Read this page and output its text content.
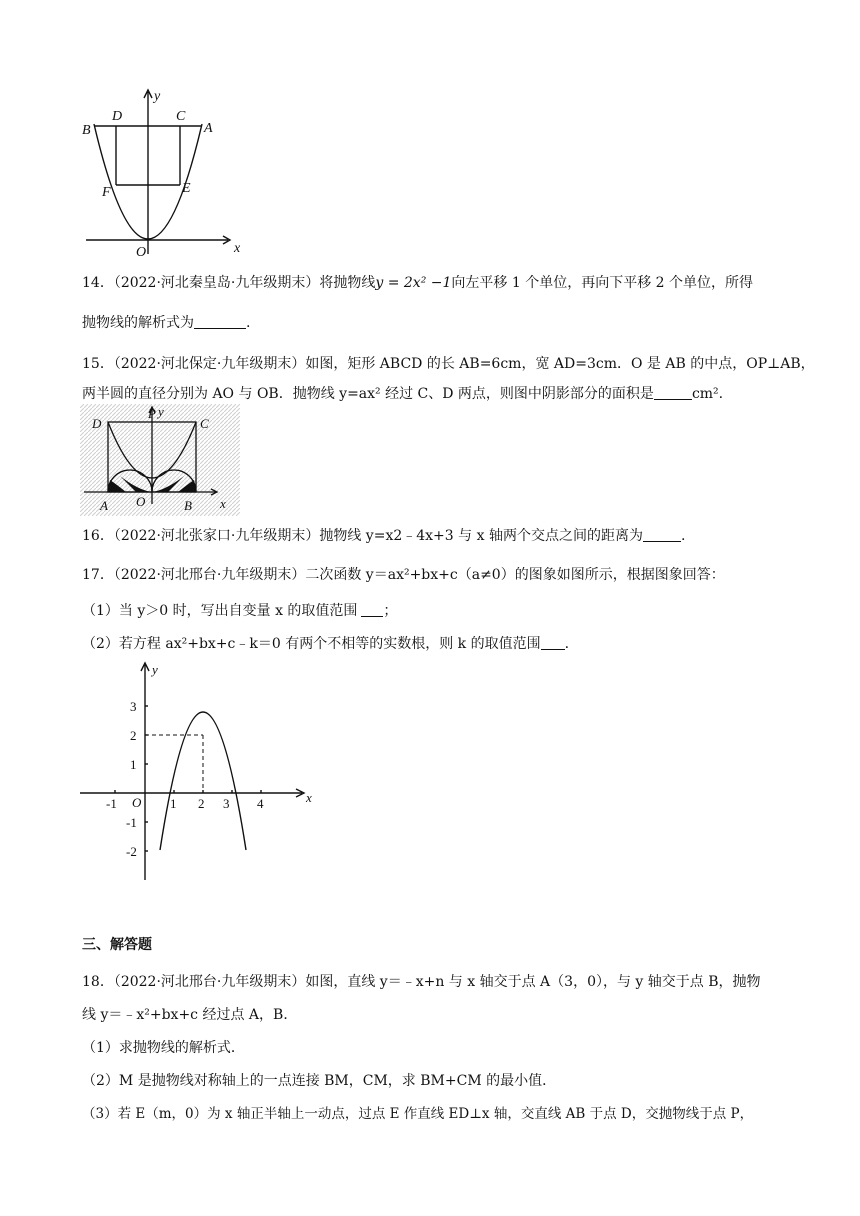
y
x
B
D	C
A
F	E
O
14．（2022·河北秦皇岛·九年级期末）将抛物线y = 2x² −1向左平移 1 个单位，再向下平移 2 个单位，所得
抛物线的解析式为	.
15．（2022·河北保定·九年级期末）如图，矩形 ABCD 的长 AB=6cm，宽 AD=3cm．O 是 AB 的中点，OP⊥AB，
两半圆的直径分别为 AO 与 OB．抛物线 y=ax² 经过 C、D 两点，则图中阴影部分的面积是	cm².
y
x
D
P
C
A O	B
16．（2022·河北张家口·九年级期末）抛物线 y=x2﹣4x+3 与 x 轴两个交点之间的距离为	.
17．（2022·河北邢台·九年级期末）二次函数 y＝ax²+bx+c（a≠0）的图象如图所示，根据图象回答：
（1）当 y＞0 时，写出自变量 x 的取值范围 ；
（2）若方程 ax²+bx+c﹣k＝0 有两个不相等的实数根，则 k 的取值范围 .
y
x
O
-1	1 2 3 4
3
2
1
-1
-2
三、解答题
18．（2022·河北邢台·九年级期末）如图，直线 y＝﹣x+n 与 x 轴交于点 A（3，0），与 y 轴交于点 B，抛物
线 y＝﹣x²+bx+c 经过点 A，B．
（1）求抛物线的解析式．
（2）M 是抛物线对称轴上的一点连接 BM，CM，求 BM+CM 的最小值．
（3）若 E（m，0）为 x 轴正半轴上一动点，过点 E 作直线 ED⊥x 轴，交直线 AB 于点 D，交抛物线于点 P，
